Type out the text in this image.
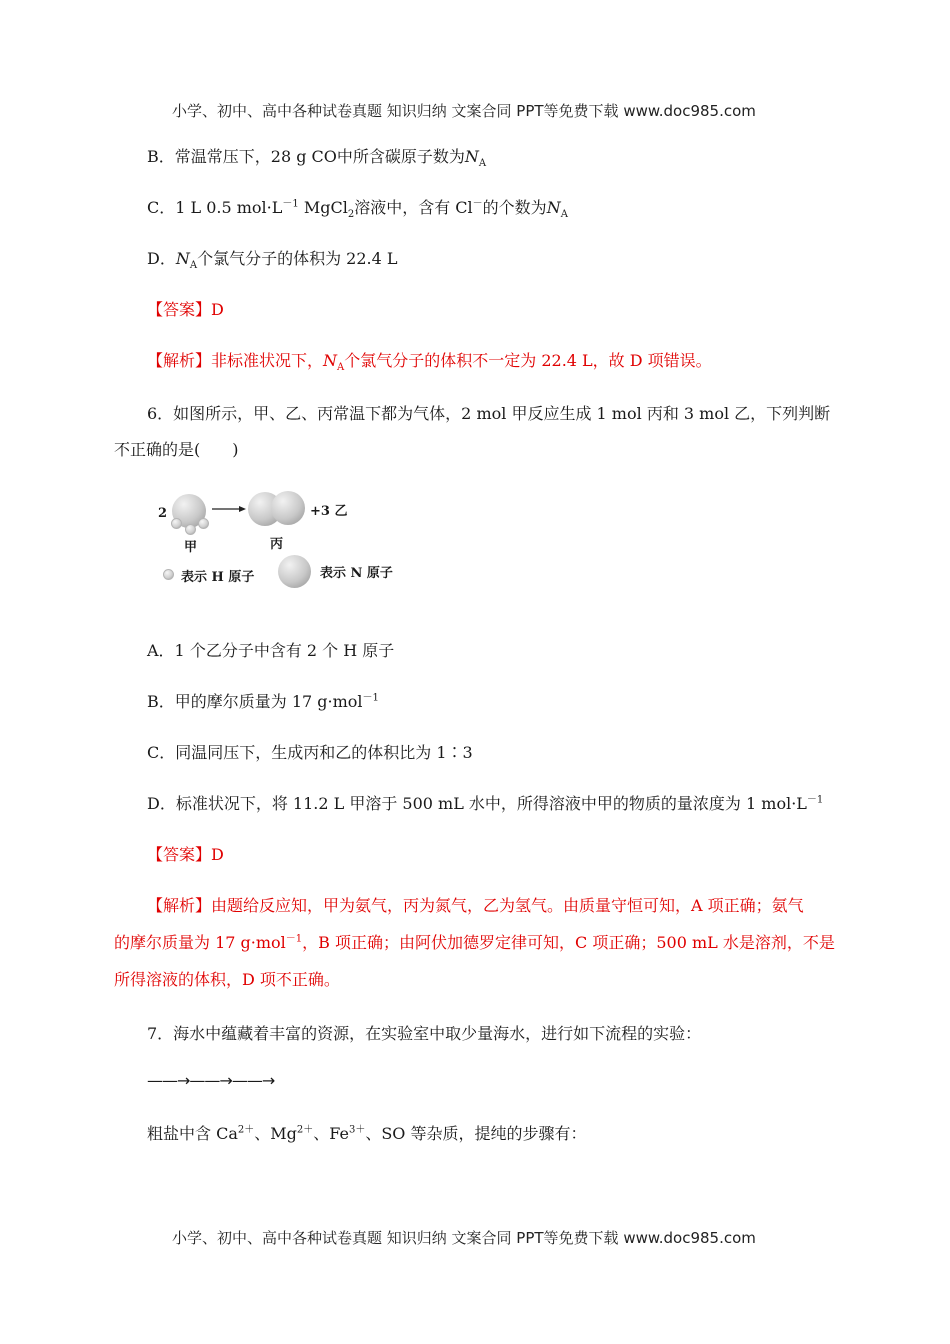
小学、初中、高中各种试卷真题 知识归纳 文案合同 PPT等免费下载 www.doc985.com
B．常温常压下，28 g CO中所含碳原子数为$N_A$
C．1 L 0.5 $mol\cdot L^{-1}$ MgCl$_2$溶液中，含有 Cl－的个数为$N_A$
D．$N_A$个氯气分子的体积为 22.4 L
【答案】D
【解析】非标准状况下，$N_A$个氯气分子的体积不一定为 22.4 L，故 D 项错误。
6．如图所示，甲、乙、丙常温下都为气体，2 mol 甲反应生成 1 mol 丙和 3 mol 乙，下列判断
不正确的是(　　)
2
甲	丙
+3 乙
表示 H 原子	表示 N 原子
A．1 个乙分子中含有 2 个 H 原子
B．甲的摩尔质量为 17 g·mol$^{-1}$
C．同温同压下，生成丙和乙的体积比为 1∶3
D．标准状况下，将 11.2 L 甲溶于 500 mL 水中，所得溶液中甲的物质的量浓度为 1 $mol\cdot L^{-1}$
【答案】D
【解析】由题给反应知，甲为氨气，丙为氮气，乙为氢气。由质量守恒可知，A 项正确；氨气
的摩尔质量为 17 g·mol$^{-1}$，B 项正确；由阿伏加德罗定律可知，C 项正确；500 mL 水是溶剂，不是
所得溶液的体积，D 项不正确。
7．海水中蕴藏着丰富的资源，在实验室中取少量海水，进行如下流程的实验：
——→——→——→
粗盐中含 $Ca^{2+}$、$Mg^{2+}$、$Fe^{3+}$、SO 等杂质，提纯的步骤有：
小学、初中、高中各种试卷真题 知识归纳 文案合同 PPT等免费下载 www.doc985.com
